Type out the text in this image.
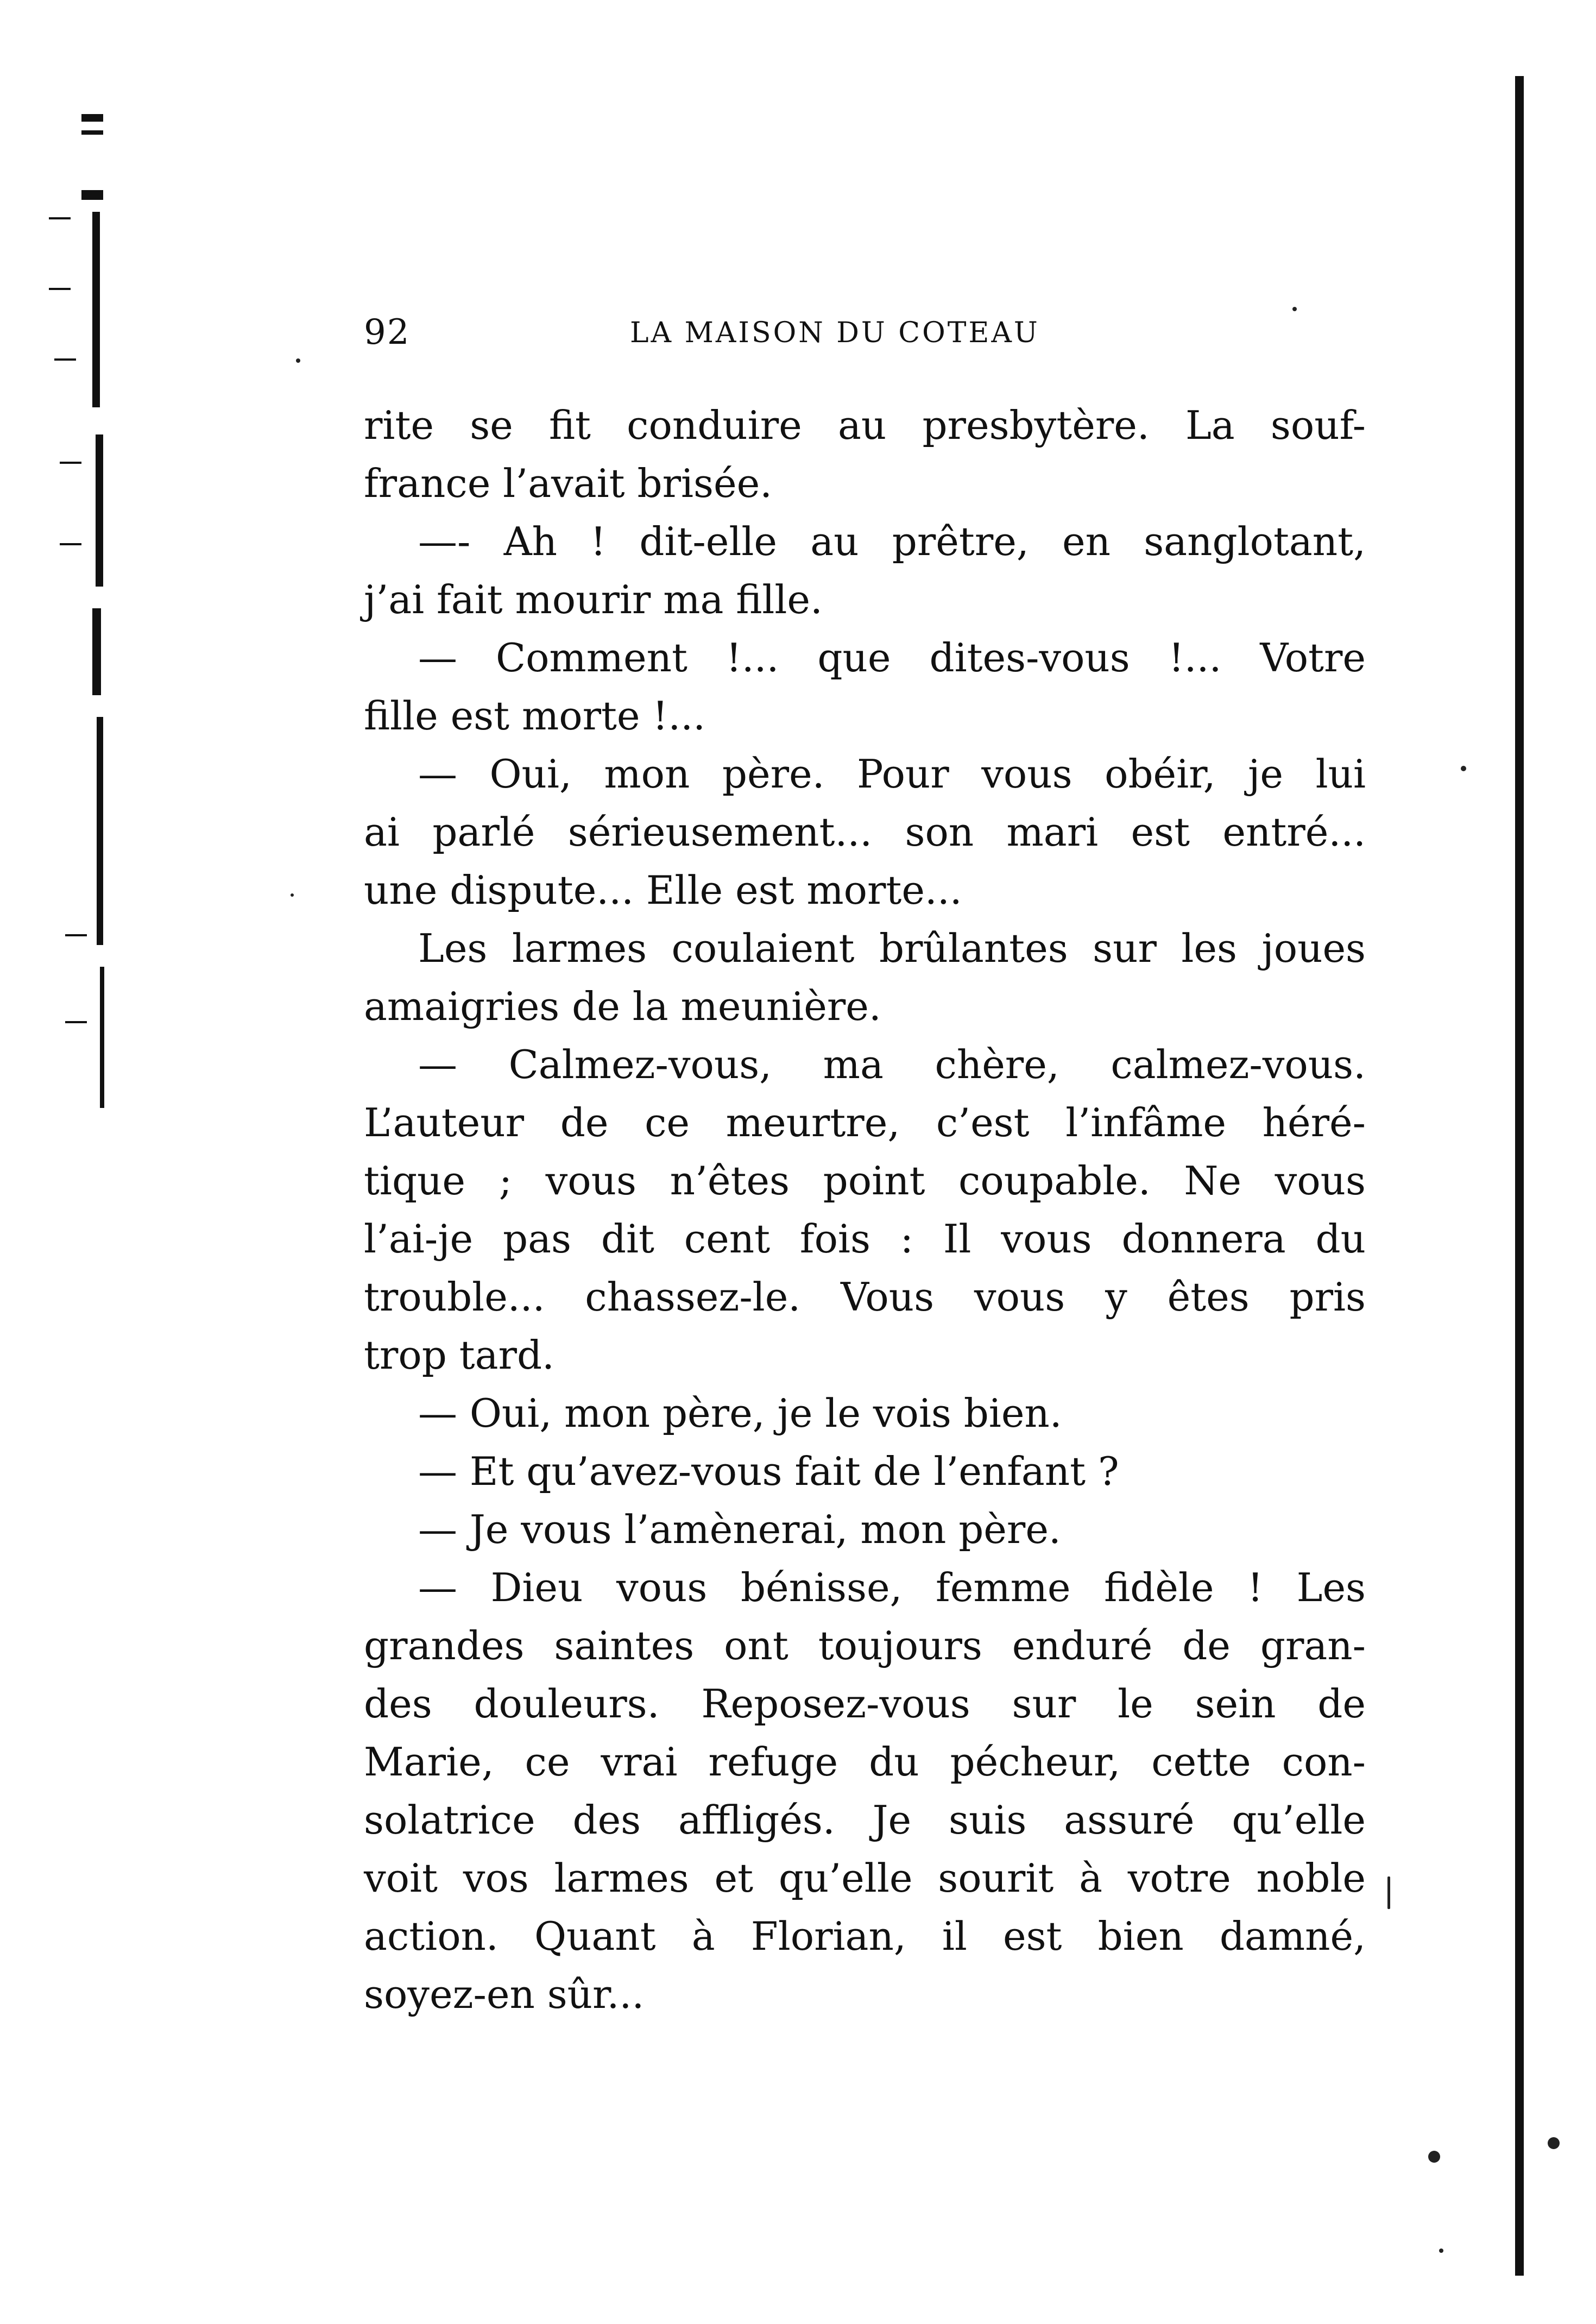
92	LA MAISON DU COTEAU
rite se fit conduire au presbytère. La souf-
france l’avait brisée.
—- Ah ! dit-elle au prêtre, en sanglotant,
j’ai fait mourir ma fille.
— Comment !... que dites-vous !... Votre
fille est morte !...
— Oui, mon père. Pour vous obéir, je lui
ai parlé sérieusement... son mari est entré...
une dispute... Elle est morte...
Les larmes coulaient brûlantes sur les joues
amaigries de la meunière.
— Calmez-vous, ma chère, calmez-vous.
L’auteur de ce meurtre, c’est l’infâme héré-
tique ; vous n’êtes point coupable. Ne vous
l’ai-je pas dit cent fois : Il vous donnera du
trouble... chassez-le. Vous vous y êtes pris
trop tard.
— Oui, mon père, je le vois bien.
— Et qu’avez-vous fait de l’enfant ?
— Je vous l’amènerai, mon père.
— Dieu vous bénisse, femme fidèle ! Les
grandes saintes ont toujours enduré de gran-
des douleurs. Reposez-vous sur le sein de
Marie, ce vrai refuge du pécheur, cette con-
solatrice des affligés. Je suis assuré qu’elle
voit vos larmes et qu’elle sourit à votre noble
action. Quant à Florian, il est bien damné,
soyez-en sûr...
